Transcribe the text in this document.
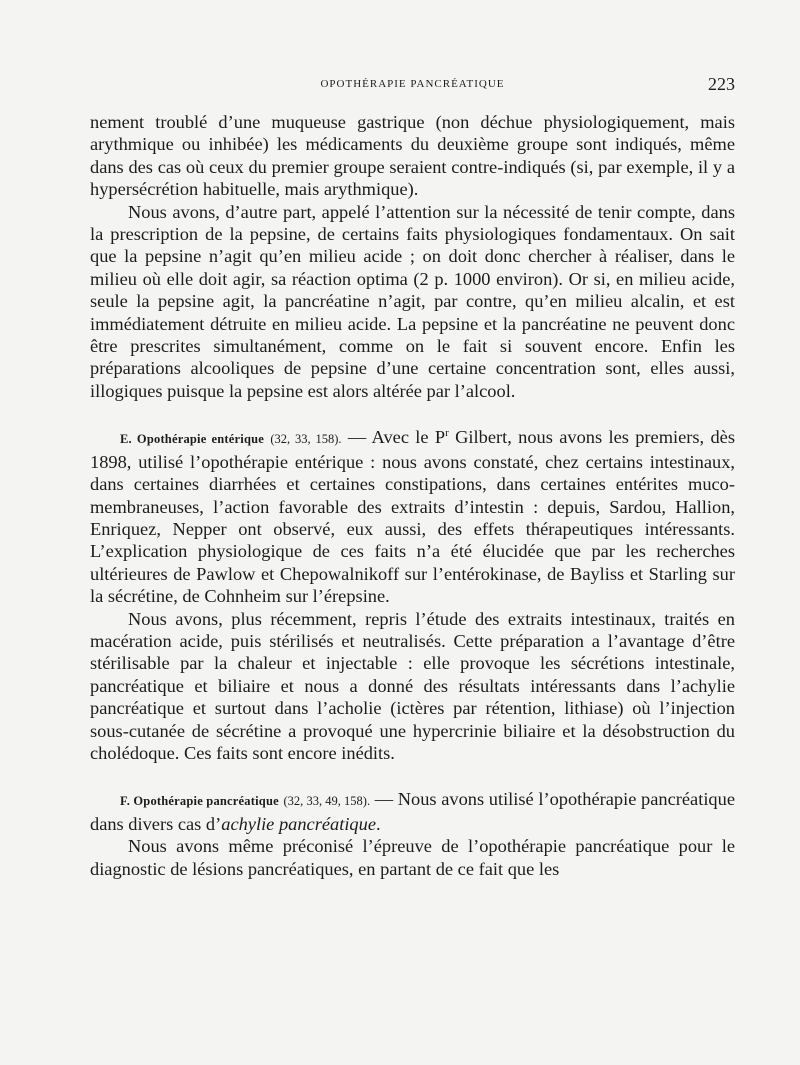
OPOTHÉRAPIE PANCRÉATIQUE	223

nement troublé d’une muqueuse gastrique (non déchue physiologiquement, mais arythmique ou inhibée) les médicaments du deuxième groupe sont indiqués, même dans des cas où ceux du premier groupe seraient contre-indiqués (si, par exemple, il y a hypersécrétion habituelle, mais arythmique).

Nous avons, d’autre part, appelé l’attention sur la nécessité de tenir compte, dans la prescription de la pepsine, de certains faits physiologiques fondamentaux. On sait que la pepsine n’agit qu’en milieu acide ; on doit donc chercher à réaliser, dans le milieu où elle doit agir, sa réaction optima (2 p. 1000 environ). Or si, en milieu acide, seule la pepsine agit, la pancréatine n’agit, par contre, qu’en milieu alcalin, et est immédiatement détruite en milieu acide. La pepsine et la pancréatine ne peuvent donc être prescrites simultanément, comme on le fait si souvent encore. Enfin les préparations alcooliques de pepsine d’une certaine concentration sont, elles aussi, illogiques puisque la pepsine est alors altérée par l’alcool.

E. Opothérapie entérique (32, 33, 158). — Avec le $P^r$ Gilbert, nous avons les premiers, dès 1898, utilisé l’opothérapie entérique : nous avons constaté, chez certains intestinaux, dans certaines diarrhées et certaines constipations, dans certaines entérites muco-membraneuses, l’action favorable des extraits d’intestin : depuis, Sardou, Hallion, Enriquez, Nepper ont observé, eux aussi, des effets thérapeutiques intéressants. L’explication physiologique de ces faits n’a été élucidée que par les recherches ultérieures de Pawlow et Chepowalnikoff sur l’entérokinase, de Bayliss et Starling sur la sécrétine, de Cohnheim sur l’érepsine.

Nous avons, plus récemment, repris l’étude des extraits intestinaux, traités en macération acide, puis stérilisés et neutralisés. Cette préparation a l’avantage d’être stérilisable par la chaleur et injectable : elle provoque les sécrétions intestinale, pancréatique et biliaire et nous a donné des résultats intéressants dans l’achylie pancréatique et surtout dans l’acholie (ictères par rétention, lithiase) où l’injection sous-cutanée de sécrétine a provoqué une hypercrinie biliaire et la désobstruction du cholédoque. Ces faits sont encore inédits.

F. Opothérapie pancréatique (32, 33, 49, 158). — Nous avons utilisé l’opothérapie pancréatique dans divers cas d’achylie pancréatique.

Nous avons même préconisé l’épreuve de l’opothérapie pancréatique pour le diagnostic de lésions pancréatiques, en partant de ce fait que les
